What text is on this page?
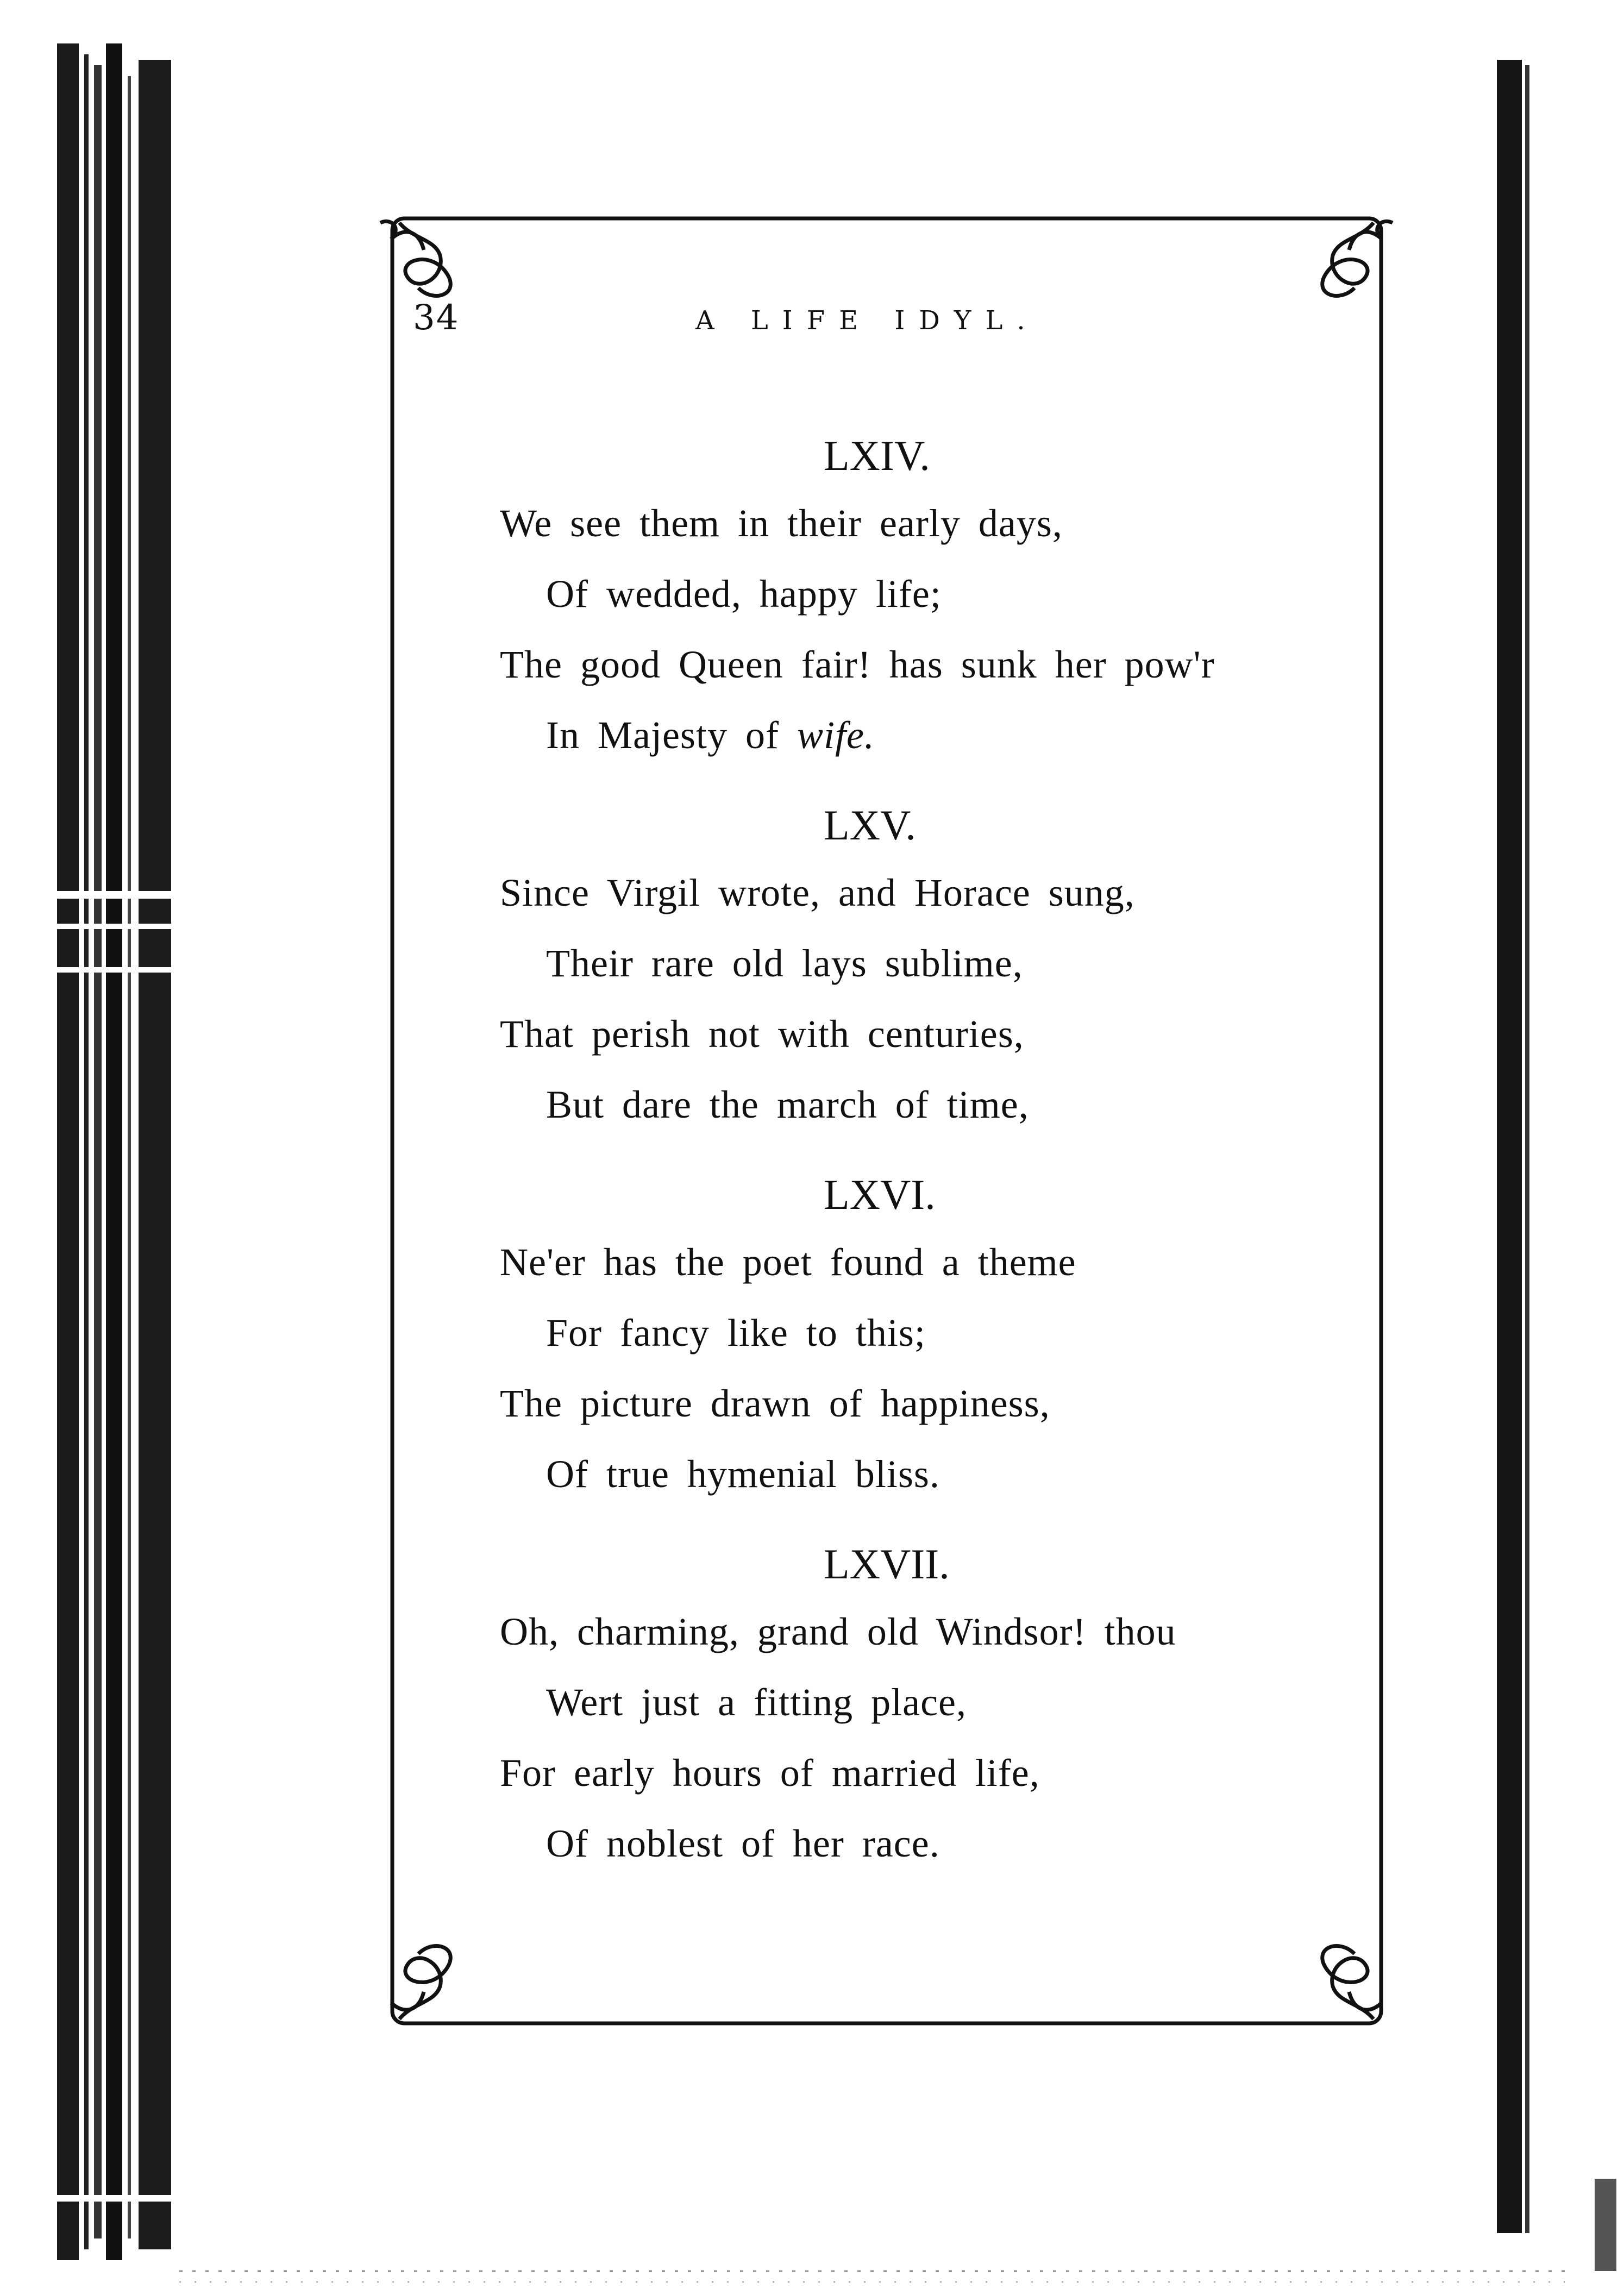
34	A LIFE IDYL.
LXIV.
We see them in their early days,
Of wedded, happy life;
The good Queen fair! has sunk her pow'r
In Majesty of wife.
LXV.
Since Virgil wrote, and Horace sung,
Their rare old lays sublime,
That perish not with centuries,
But dare the march of time,
LXVI.
Ne'er has the poet found a theme
For fancy like to this;
The picture drawn of happiness,
Of true hymenial bliss.
LXVII.
Oh, charming, grand old Windsor! thou
Wert just a fitting place,
For early hours of married life,
Of noblest of her race.
